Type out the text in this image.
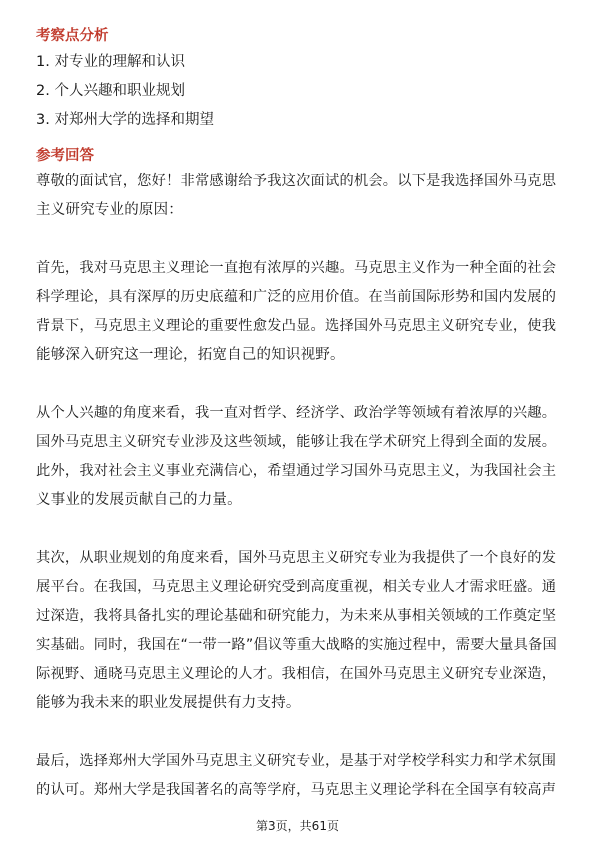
考察点分析
1. 对专业的理解和认识
2. 个人兴趣和职业规划
3. 对郑州大学的选择和期望
参考回答
尊敬的面试官，您好！非常感谢给予我这次面试的机会。以下是我选择国外马克思
主义研究专业的原因：
首先，我对马克思主义理论一直抱有浓厚的兴趣。马克思主义作为一种全面的社会
科学理论，具有深厚的历史底蕴和广泛的应用价值。在当前国际形势和国内发展的
背景下，马克思主义理论的重要性愈发凸显。选择国外马克思主义研究专业，使我
能够深入研究这一理论，拓宽自己的知识视野。
从个人兴趣的角度来看，我一直对哲学、经济学、政治学等领域有着浓厚的兴趣。
国外马克思主义研究专业涉及这些领域，能够让我在学术研究上得到全面的发展。
此外，我对社会主义事业充满信心，希望通过学习国外马克思主义，为我国社会主
义事业的发展贡献自己的力量。
其次，从职业规划的角度来看，国外马克思主义研究专业为我提供了一个良好的发
展平台。在我国，马克思主义理论研究受到高度重视，相关专业人才需求旺盛。通
过深造，我将具备扎实的理论基础和研究能力，为未来从事相关领域的工作奠定坚
实基础。同时，我国在“一带一路”倡议等重大战略的实施过程中，需要大量具备国
际视野、通晓马克思主义理论的人才。我相信，在国外马克思主义研究专业深造，
能够为我未来的职业发展提供有力支持。
最后，选择郑州大学国外马克思主义研究专业，是基于对学校学科实力和学术氛围
的认可。郑州大学是我国著名的高等学府，马克思主义理论学科在全国享有较高声
第3页，共61页
